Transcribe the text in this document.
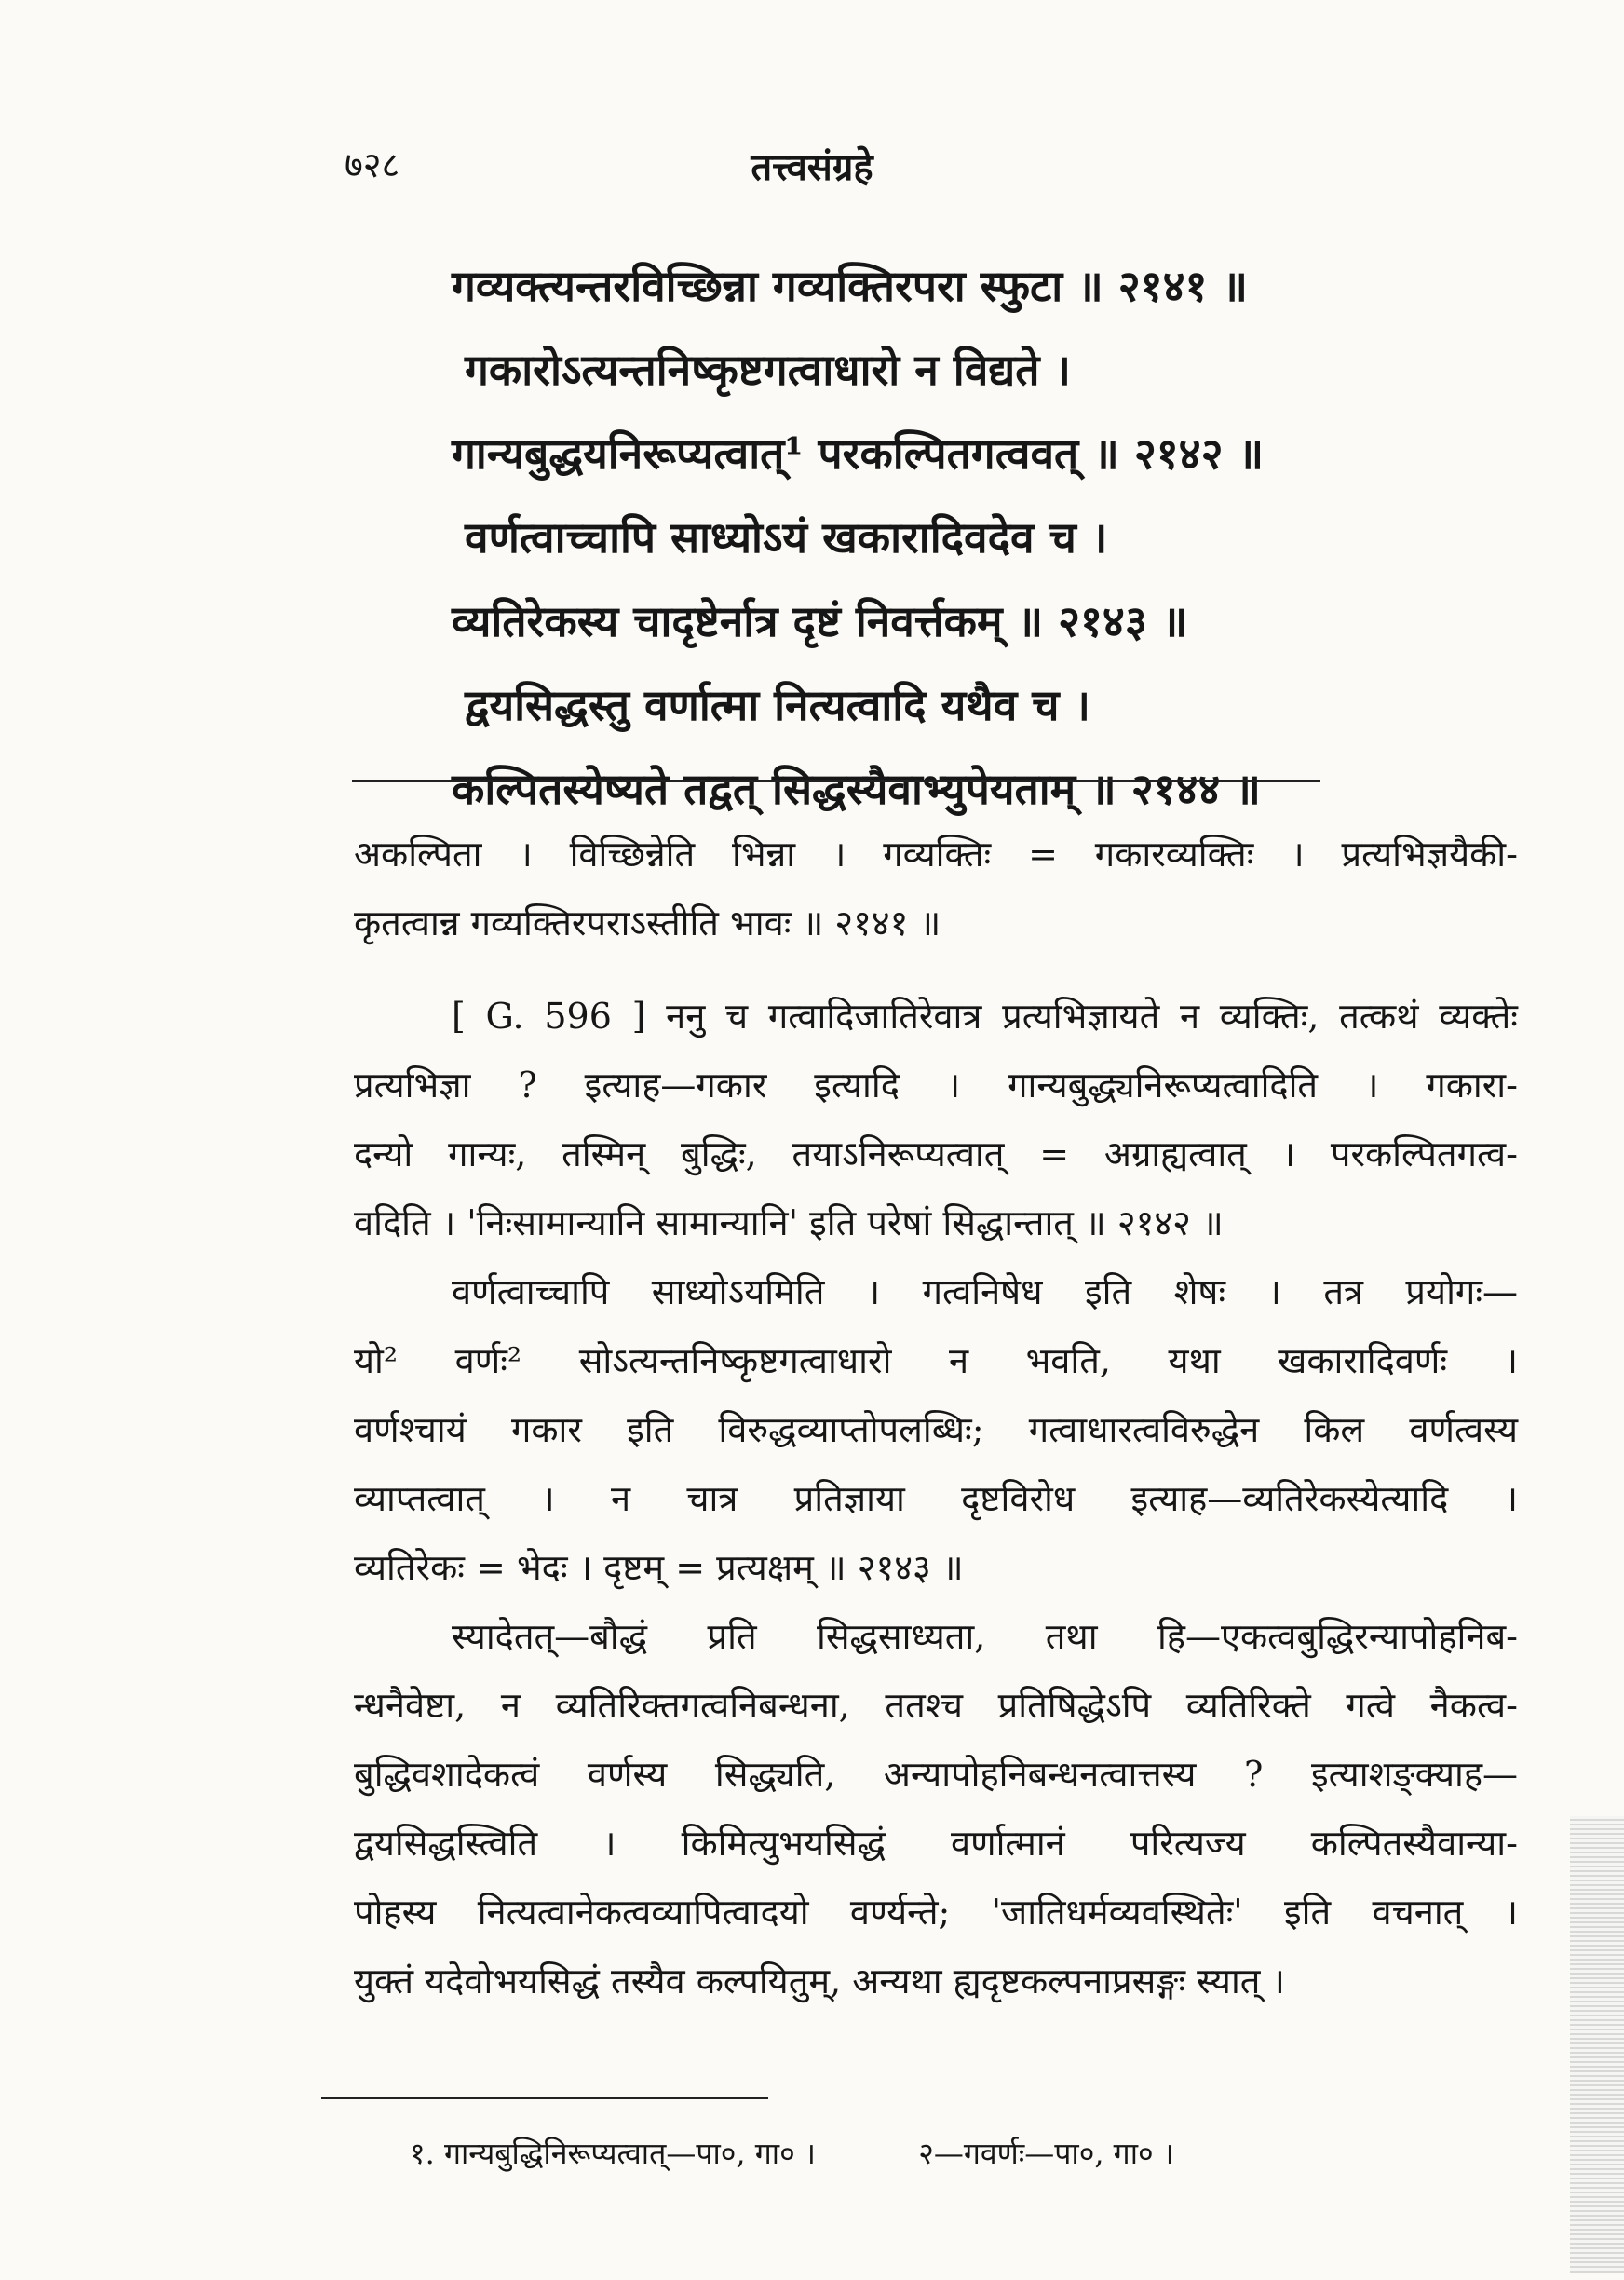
७२८	तत्त्वसंग्रहे
गव्यक्त्यन्तरविच्छिन्ना गव्यक्तिरपरा स्फुटा ॥ २१४१ ॥
गकारोऽत्यन्तनिष्कृष्टगत्वाधारो न विद्यते ।
गान्यबुद्धयनिरूप्यत्वात्¹ परकल्पितगत्ववत् ॥ २१४२ ॥
वर्णत्वाच्चापि साध्योऽयं खकारादिवदेव च ।
व्यतिरेकस्य चादृष्टेर्नात्र दृष्टं निवर्त्तकम् ॥ २१४३ ॥
द्वयसिद्धस्तु वर्णात्मा नित्यत्वादि यथैव च ।
कल्पितस्येष्यते तद्वत् सिद्धस्यैवाभ्युपेयताम् ॥ २१४४ ॥
अकल्पिता । विच्छिन्नेति भिन्ना । गव्यक्तिः = गकारव्यक्तिः । प्रत्यभिज्ञयैकी-
कृतत्वान्न गव्यक्तिरपराऽस्तीति भावः ॥ २१४१ ॥
[ G. 596 ] ननु च गत्वादिजातिरेवात्र प्रत्यभिज्ञायते न व्यक्तिः, तत्कथं व्यक्तेः
प्रत्यभिज्ञा ? इत्याह—गकार इत्यादि । गान्यबुद्ध्यनिरूप्यत्वादिति । गकारा-
दन्यो गान्यः, तस्मिन् बुद्धिः, तयाऽनिरूप्यत्वात् = अग्राह्यत्वात् । परकल्पितगत्व-
वदिति । 'निःसामान्यानि सामान्यानि' इति परेषां सिद्धान्तात् ॥ २१४२ ॥
वर्णत्वाच्चापि साध्योऽयमिति । गत्वनिषेध इति शेषः । तत्र प्रयोगः—
यो² वर्णः² सोऽत्यन्तनिष्कृष्टगत्वाधारो न भवति, यथा खकारादिवर्णः ।
वर्णश्चायं गकार इति विरुद्धव्याप्तोपलब्धिः; गत्वाधारत्वविरुद्धेन किल वर्णत्वस्य
व्याप्तत्वात् । न चात्र प्रतिज्ञाया दृष्टविरोध इत्याह—व्यतिरेकस्येत्यादि ।
व्यतिरेकः = भेदः । दृष्टम् = प्रत्यक्षम् ॥ २१४३ ॥
स्यादेतत्—बौद्धं प्रति सिद्धसाध्यता, तथा हि—एकत्वबुद्धिरन्यापोहनिब-
न्धनैवेष्टा, न व्यतिरिक्तगत्वनिबन्धना, ततश्च प्रतिषिद्धेऽपि व्यतिरिक्ते गत्वे नैकत्व-
बुद्धिवशादेकत्वं वर्णस्य सिद्ध्यति, अन्यापोहनिबन्धनत्वात्तस्य ? इत्याशङ्क्याह—
द्वयसिद्धस्त्विति । किमित्युभयसिद्धं वर्णात्मानं परित्यज्य कल्पितस्यैवान्या-
पोहस्य नित्यत्वानेकत्वव्यापित्वादयो वर्ण्यन्ते; 'जातिधर्मव्यवस्थितेः' इति वचनात् ।
युक्तं यदेवोभयसिद्धं तस्यैव कल्पयितुम्, अन्यथा ह्यदृष्टकल्पनाप्रसङ्गः स्यात् ।
१. गान्यबुद्धिनिरूप्यत्वात्—पा०, गा० ।	२—गवर्णः—पा०, गा० ।
